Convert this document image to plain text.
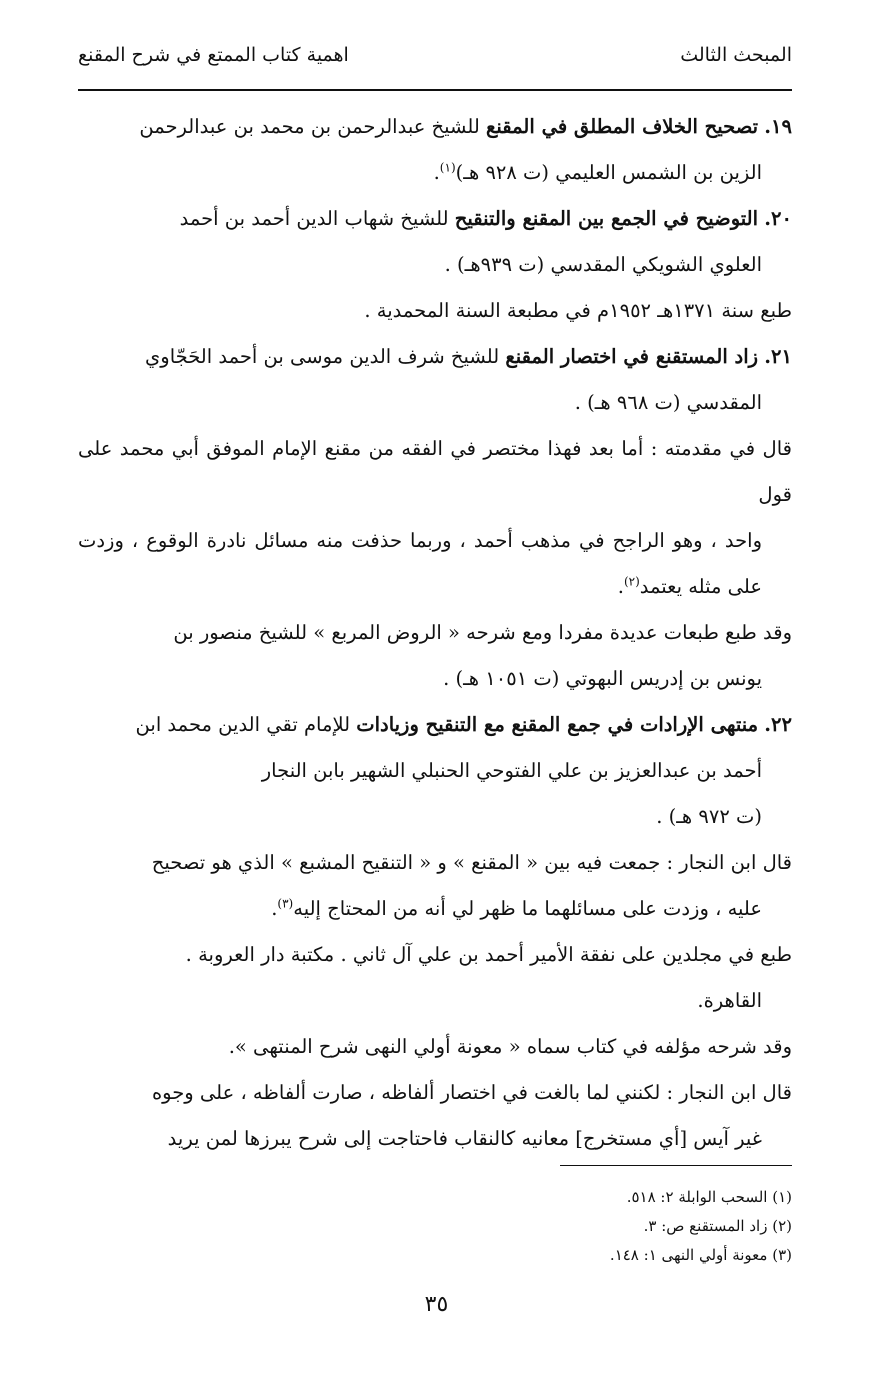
المبحث الثالث
اهمية كتاب الممتع في شرح المقنع

١٩. تصحيح الخلاف المطلق في المقنع للشيخ عبدالرحمن بن محمد بن عبدالرحمن
الزين بن الشمس العليمي (ت ٩٢٨ هـ)$^{(١)}$.

٢٠. التوضيح في الجمع بين المقنع والتنقيح للشيخ شهاب الدين أحمد بن أحمد
العلوي الشويكي المقدسي (ت ٩٣٩هـ) .

طبع سنة ١٣٧١هـ ١٩٥٢م في مطبعة السنة المحمدية .

٢١. زاد المستقنع في اختصار المقنع للشيخ شرف الدين موسى بن أحمد الحَجّاوي
المقدسي (ت ٩٦٨ هـ) .

قال في مقدمته : أما بعد فهذا مختصر في الفقه من مقنع الإمام الموفق أبي محمد على قول
واحد ، وهو الراجح في مذهب أحمد ، وربما حذفت منه مسائل نادرة الوقوع ، وزدت على مثله يعتمد$^{(٢)}$.

وقد طبع طبعات عديدة مفردا ومع شرحه « الروض المربع » للشيخ منصور بن
يونس بن إدريس البهوتي (ت ١٠٥١ هـ) .

٢٢. منتهى الإرادات في جمع المقنع مع التنقيح وزيادات للإمام تقي الدين محمد ابن
أحمد بن عبدالعزيز بن علي الفتوحي الحنبلي الشهير بابن النجار
(ت ٩٧٢ هـ) .

قال ابن النجار : جمعت فيه بين « المقنع » و « التنقيح المشبع » الذي هو تصحيح
عليه ، وزدت على مسائلهما ما ظهر لي أنه من المحتاج إليه$^{(٣)}$.

طبع في مجلدين على نفقة الأمير أحمد بن علي آل ثاني . مكتبة دار العروبة .
القاهرة.

وقد شرحه مؤلفه في كتاب سماه « معونة أولي النهى شرح المنتهى ».

قال ابن النجار : لكنني لما بالغت في اختصار ألفاظه ، صارت ألفاظه ، على وجوه
غير آيس [أي مستخرج] معانيه كالنقاب فاحتاجت إلى شرح يبرزها لمن يريد

(١) السحب الوابلة ٢: ٥١٨.
(٢) زاد المستقنع ص: ٣.
(٣) معونة أولي النهى ١: ١٤٨.
٣٥
